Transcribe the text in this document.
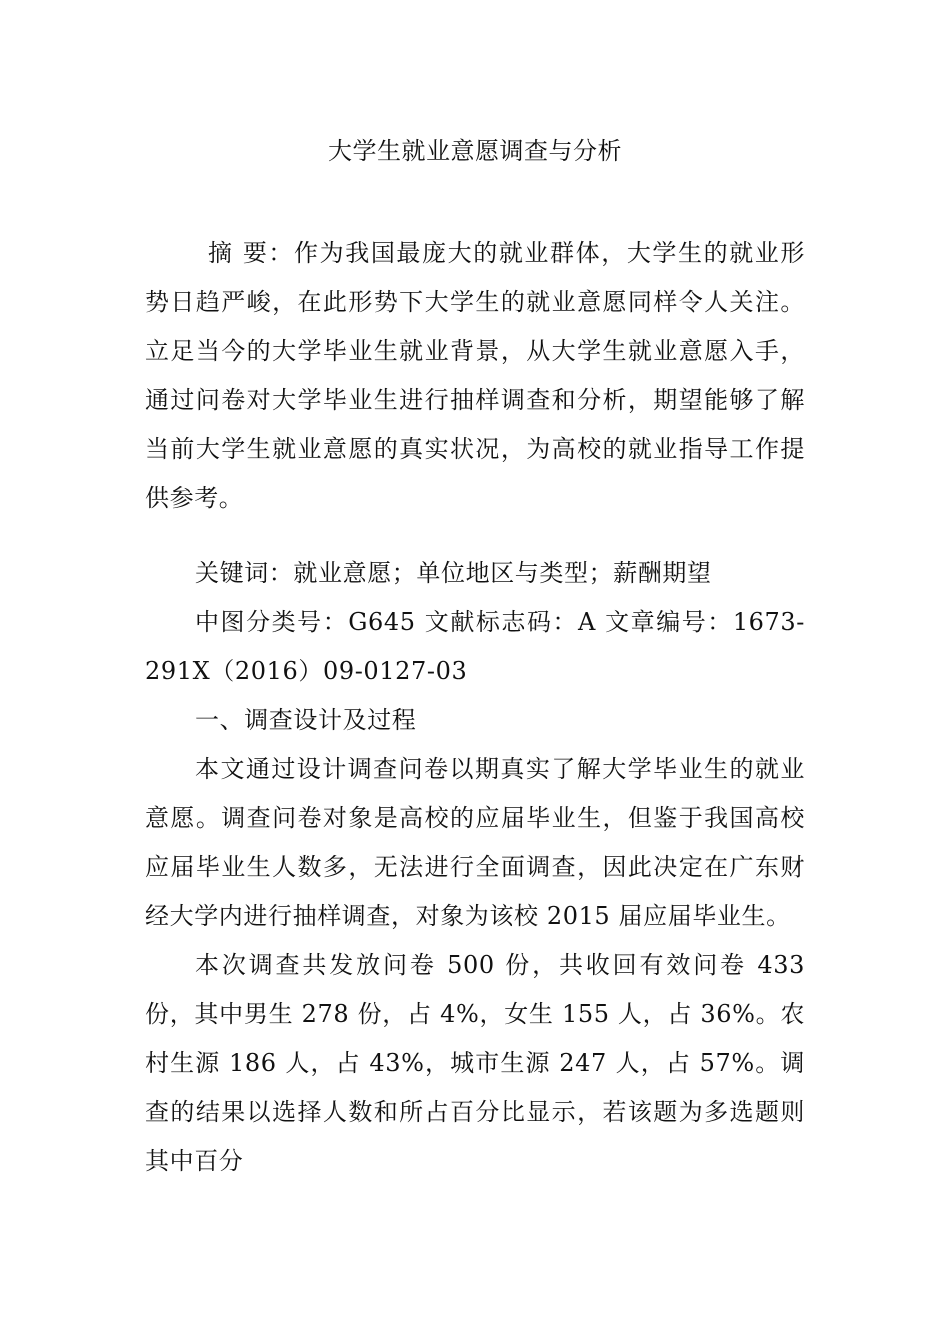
大学生就业意愿调查与分析
摘 要：作为我国最庞大的就业群体，大学生的就业形势日趋严峻，在此形势下大学生的就业意愿同样令人关注。立足当今的大学毕业生就业背景，从大学生就业意愿入手，通过问卷对大学毕业生进行抽样调查和分析，期望能够了解当前大学生就业意愿的真实状况，为高校的就业指导工作提供参考。

关键词：就业意愿；单位地区与类型；薪酬期望

中图分类号：G645 文献标志码：A 文章编号：1673-291X（2016）09-0127-03

一、调查设计及过程

本文通过设计调查问卷以期真实了解大学毕业生的就业意愿。调查问卷对象是高校的应届毕业生，但鉴于我国高校应届毕业生人数多，无法进行全面调查，因此决定在广东财经大学内进行抽样调查，对象为该校 2015 届应届毕业生。

本次调查共发放问卷 500 份，共收回有效问卷 433 份，其中男生 278 份，占 4%，女生 155 人，占 36%。农村生源 186 人，占 43%，城市生源 247 人，占 57%。调查的结果以选择人数和所占百分比显示，若该题为多选题则其中百分
